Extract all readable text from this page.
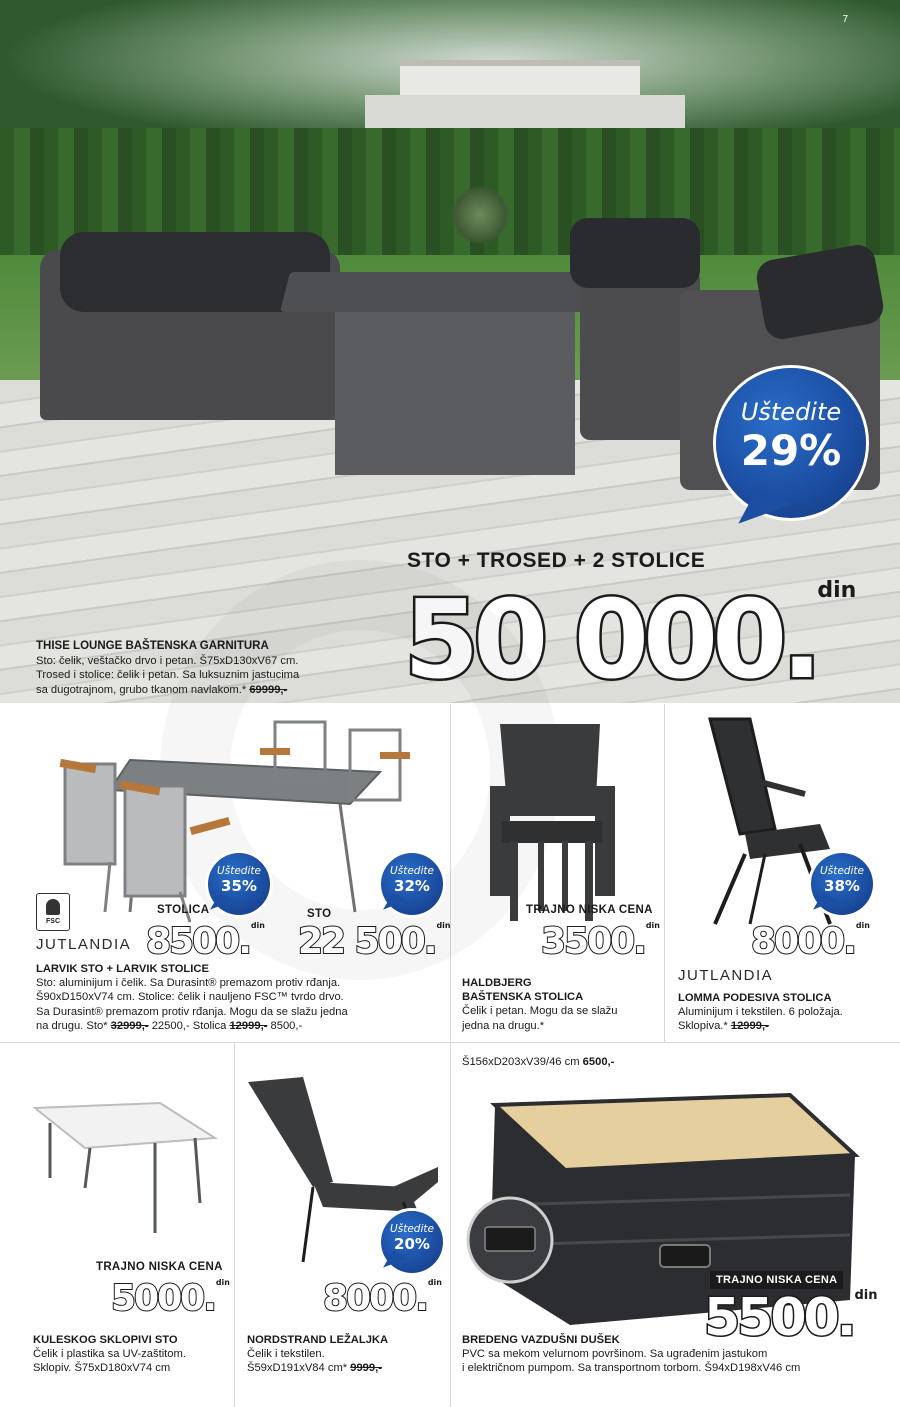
7
Uštedite
29%
STO + TROSED + 2 STOLICE
50 000.$^{din}$
THISE LOUNGE BAŠTENSKA GARNITURA
Sto: čelik, veštačko drvo i petan. Š75xD130xV67 cm.
Trosed i stolice: čelik i petan. Sa luksuznim jastucima
sa dugotrajnom, grubo tkanom navlakom.* 69999,-
Uštedite
35%
Uštedite
32%
FSC
JUTLANDIA
STOLICA	STO
8500.$^{din}$ 22 500.$^{din}$
LARVIK STO + LARVIK STOLICE
Sto: aluminijum i čelik. Sa Durasint® premazom protiv rđanja.
Š90xD150xV74 cm. Stolice: čelik i nauljeno FSC™ tvrdo drvo.
Sa Durasint® premazom protiv rđanja. Mogu da se slažu jedna
na drugu. Sto* 32999,- 22500,- Stolica 12999,- 8500,-
TRAJNO NISKA CENA
3500.$^{din}$
HALDBJERG
BAŠTENSKA STOLICA
Čelik i petan. Mogu da se slažu
jedna na drugu.*
Uštedite
38%
8000.$^{din}$
JUTLANDIA
LOMMA PODESIVA STOLICA
Aluminijum i tekstilen. 6 položaja.
Sklopiva.* 12999,-
TRAJNO NISKA CENA
5000.$^{din}$
KULESKOG SKLOPIVI STO
Čelik i plastika sa UV-zaštitom.
Sklopiv. Š75xD180xV74 cm
Uštedite
20%
8000.$^{din}$
NORDSTRAND LEŽALJKA
Čelik i tekstilen.
Š59xD191xV84 cm* 9999,-
Š156xD203xV39/46 cm 6500,-
TRAJNO NISKA CENA
5500.$^{din}$
BREDENG VAZDUŠNI DUŠEK
PVC sa mekom velurnom površinom. Sa ugrađenim jastukom
i električnom pumpom. Sa transportnom torbom. Š94xD198xV46 cm
